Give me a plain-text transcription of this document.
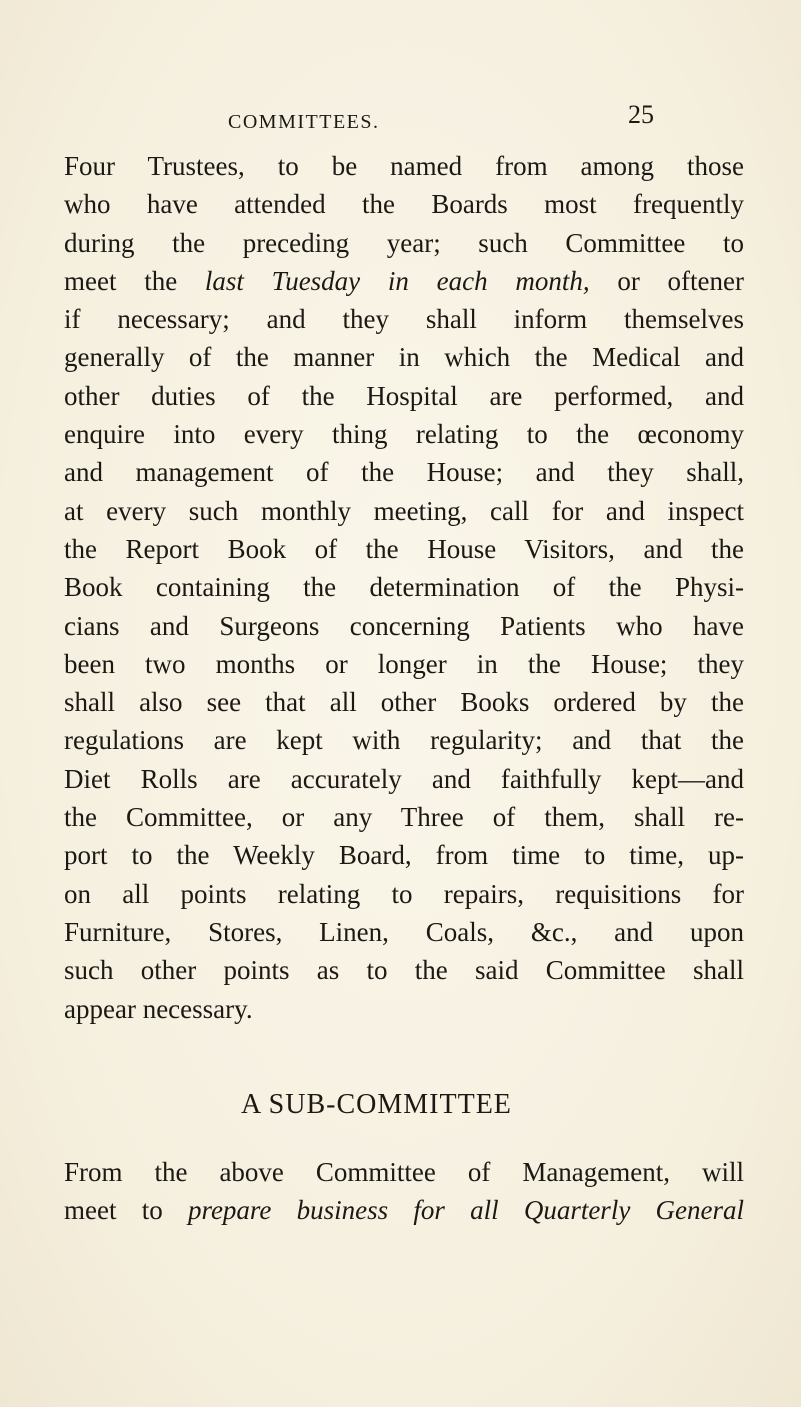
COMMITTEES.	25

Four Trustees, to be named from among those
who have attended the Boards most frequently
during the preceding year; such Committee to
meet the last Tuesday in each month, or oftener
if necessary; and they shall inform themselves
generally of the manner in which the Medical and
other duties of the Hospital are performed, and
enquire into every thing relating to the œconomy
and management of the House; and they shall,
at every such monthly meeting, call for and inspect
the Report Book of the House Visitors, and the
Book containing the determination of the Physi-
cians and Surgeons concerning Patients who have
been two months or longer in the House; they
shall also see that all other Books ordered by the
regulations are kept with regularity; and that the
Diet Rolls are accurately and faithfully kept—and
the Committee, or any Three of them, shall re-
port to the Weekly Board, from time to time, up-
on all points relating to repairs, requisitions for
Furniture, Stores, Linen, Coals, &c., and upon
such other points as to the said Committee shall
appear necessary.

A SUB-COMMITTEE

From the above Committee of Management, will
meet to prepare business for all Quarterly General
